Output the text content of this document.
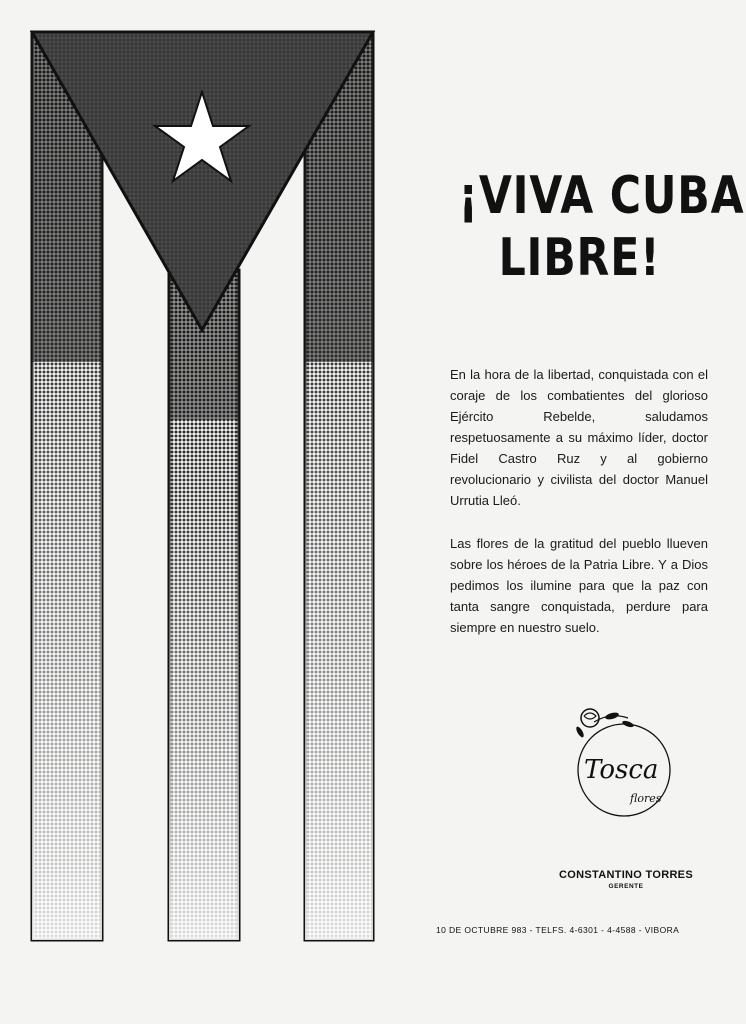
¡VIVA CUBA
LIBRE!

En la hora de la libertad, conquistada con el coraje de los combatientes del glorioso Ejército Rebelde, saludamos respetuosamente a su máximo líder, doctor Fidel Castro Ruz y al gobierno revolucionario y civilista del doctor Manuel Urrutia Lleó.

Las flores de la gratitud del pueblo llueven sobre los héroes de la Patria Libre. Y a Dios pedimos los ilumine para que la paz con tanta sangre conquistada, perdure para siempre en nuestro suelo.

Tosca
flores
CONSTANTINO TORRES
GERENTE
10 DE OCTUBRE 983 - TELFS. 4-6301 - 4-4588 - VIBORA
